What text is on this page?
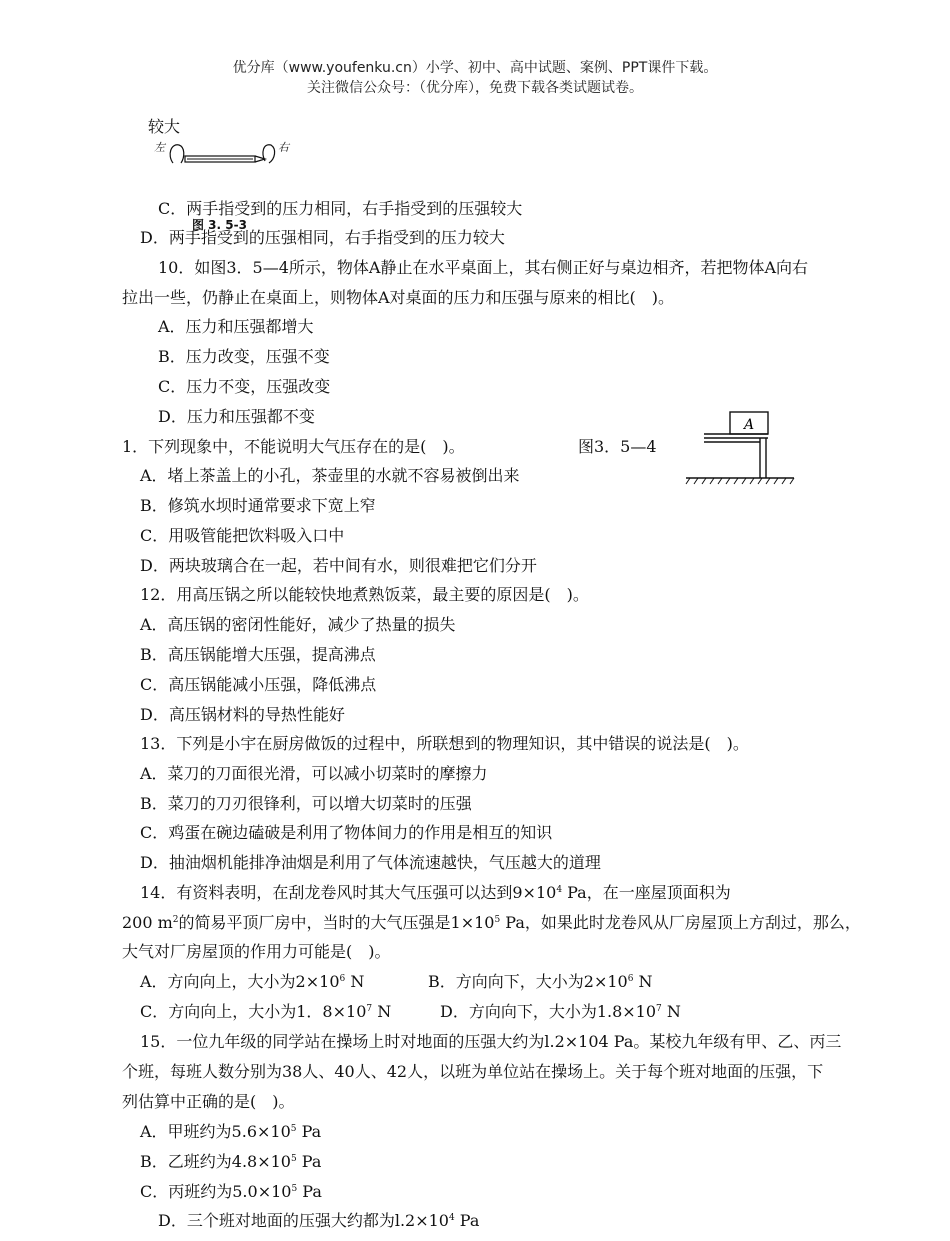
优分库（www.youfenku.cn）小学、初中、高中试题、案例、PPT课件下载。
关注微信公众号：（优分库），免费下载各类试题试卷。
较大
左	右
C．两手指受到的压力相同，右手指受到的压强较大
图 3. 5-3
D．两手指受到的压强相同，右手指受到的压力较大
10．如图3．5—4所示，物体A静止在水平桌面上，其右侧正好与桌边相齐，若把物体A向右
拉出一些，仍静止在桌面上，则物体A对桌面的压力和压强与原来的相比(　)。
A．压力和压强都增大
B．压力改变，压强不变
C．压力不变，压强改变
D．压力和压强都不变	A
1．下列现象中，不能说明大气压存在的是(　)。	图3．5—4
A．堵上茶盖上的小孔，茶壶里的水就不容易被倒出来
B．修筑水坝时通常要求下宽上窄
C．用吸管能把饮料吸入口中
D．两块玻璃合在一起，若中间有水，则很难把它们分开
12．用高压锅之所以能较快地煮熟饭菜，最主要的原因是(　)。
A．高压锅的密闭性能好，减少了热量的损失
B．高压锅能增大压强，提高沸点
C．高压锅能减小压强，降低沸点
D．高压锅材料的导热性能好
13．下列是小宇在厨房做饭的过程中，所联想到的物理知识，其中错误的说法是(　)。
A．菜刀的刀面很光滑，可以减小切菜时的摩擦力
B．菜刀的刀刃很锋利，可以增大切菜时的压强
C．鸡蛋在碗边磕破是利用了物体间力的作用是相互的知识
D．抽油烟机能排净油烟是利用了气体流速越快，气压越大的道理
14．有资料表明，在刮龙卷风时其大气压强可以达到$9\times 10^4$ Pa，在一座屋顶面积为
200 $m^2$的简易平顶厂房中，当时的大气压强是$1\times 10^5$ Pa，如果此时龙卷风从厂房屋顶上方刮过，那么，
大气对厂房屋顶的作用力可能是(　)。
A．方向向上，大小为$2\times 10^6$ N	B．方向向下，大小为$2\times 10^6$ N
C．方向向上，大小为1．$8\times 10^7$ N	D．方向向下，大小为$1.8\times 10^7$ N
15．一位九年级的同学站在操场上时对地面的压强大约为l.2×104 Pa。某校九年级有甲、乙、丙三
个班，每班人数分别为38人、40人、42人，以班为单位站在操场上。关于每个班对地面的压强，下
列估算中正确的是(　)。
A．甲班约为$5.6\times 10^5$ Pa
B．乙班约为$4.8\times 10^5$ Pa
C．丙班约为$5.0\times 10^5$ Pa
D．三个班对地面的压强大约都为$l.2\times 10^4$ Pa
